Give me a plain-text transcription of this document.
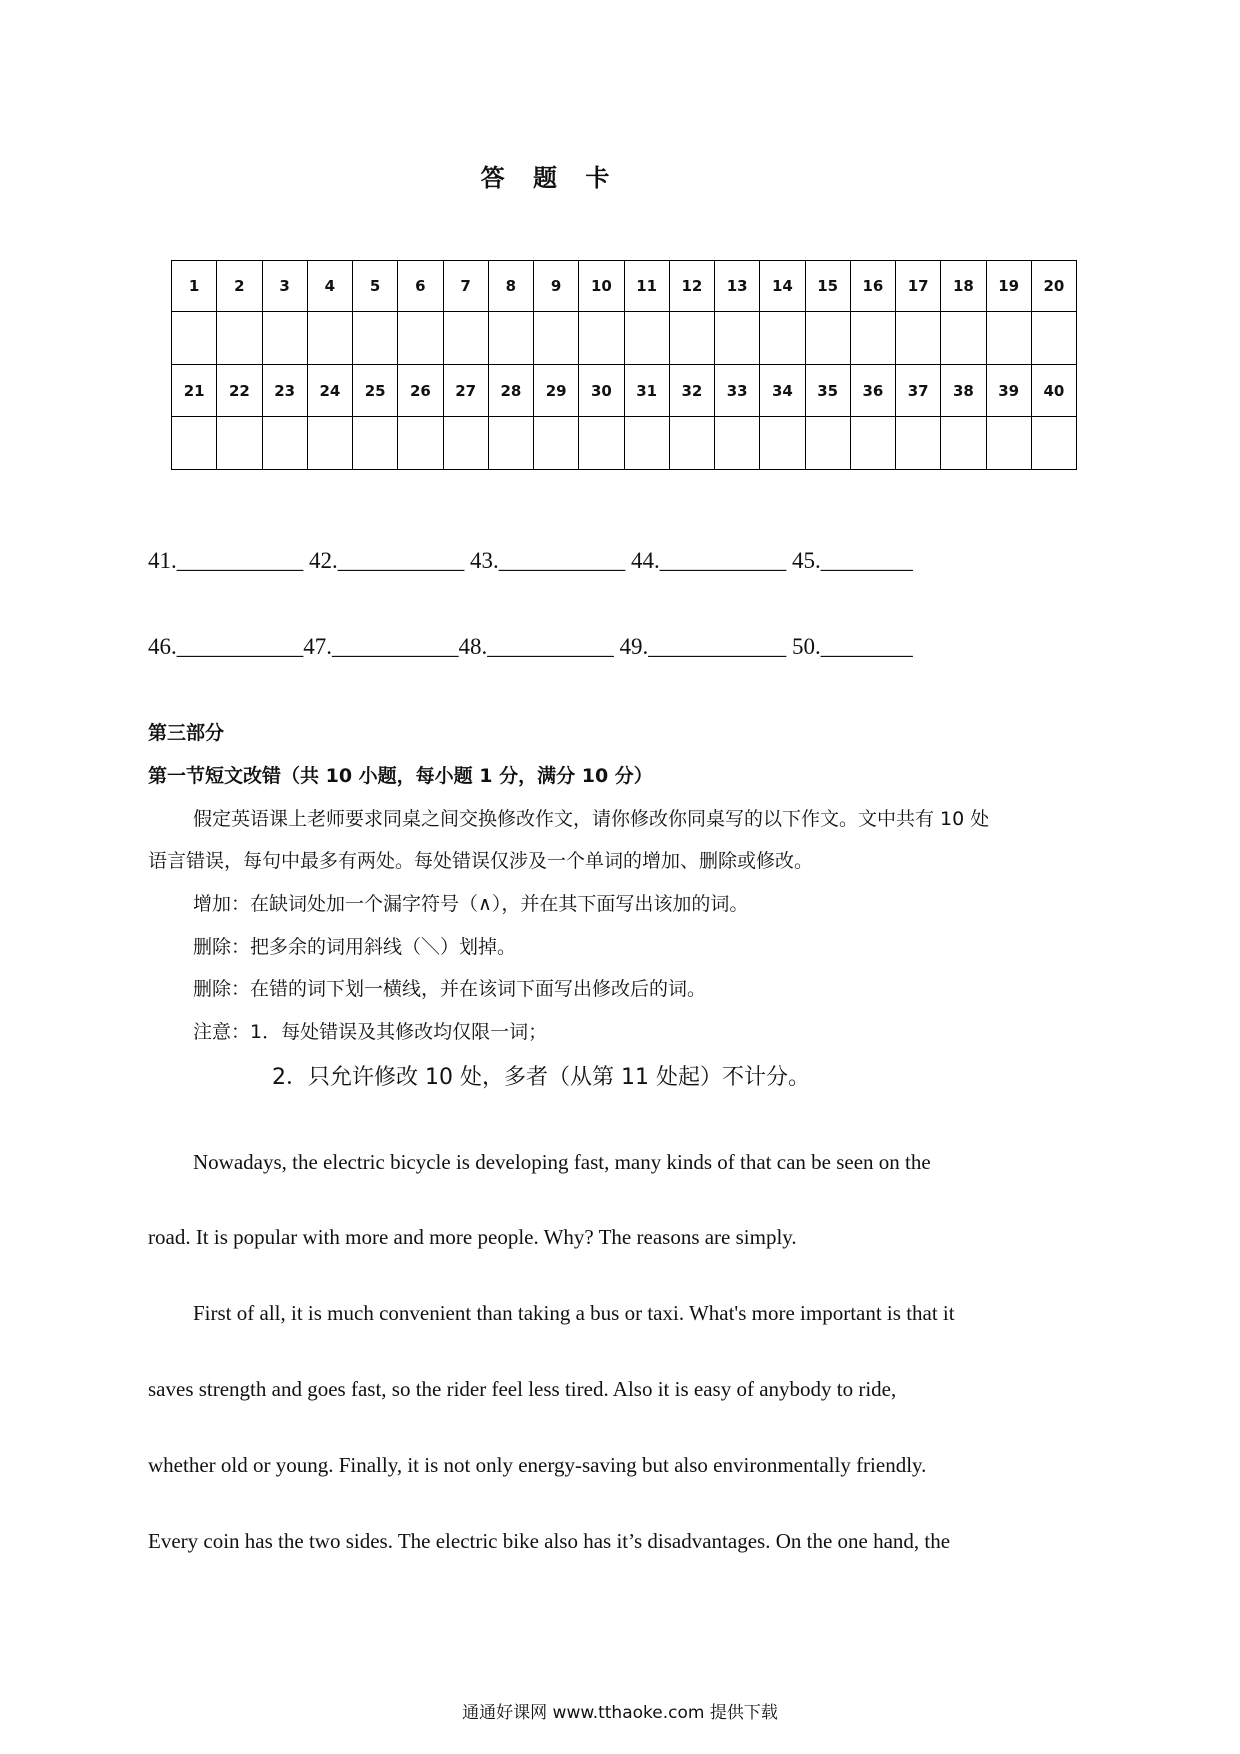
答 题 卡
1	2	3	4	5	6	7	8	9	10	11	12	13	14	15	16	17	18	19	20

21	22	23	24	25	26	27	28	29	30	31	32	33	34	35	36	37	38	39	40

41.___________ 42.___________ 43.___________ 44.___________ 45.________
46.___________47.___________48.___________ 49.____________ 50.________
第三部分
第一节短文改错（共 10 小题，每小题 1 分，满分 10 分）
假定英语课上老师要求同桌之间交换修改作文，请你修改你同桌写的以下作文。文中共有 10 处
语言错误，每句中最多有两处。每处错误仅涉及一个单词的增加、删除或修改。
增加：在缺词处加一个漏字符号（∧），并在其下面写出该加的词。
删除：把多余的词用斜线（＼）划掉。
删除：在错的词下划一横线，并在该词下面写出修改后的词。
注意：1．每处错误及其修改均仅限一词；
2．只允许修改 10 处，多者（从第 11 处起）不计分。
Nowadays, the electric bicycle is developing fast, many kinds of that can be seen on the
road. It is popular with more and more people. Why? The reasons are simply.
First of all, it is much convenient than taking a bus or taxi. What's more important is that it
saves strength and goes fast, so the rider feel less tired. Also it is easy of anybody to ride,
whether old or young. Finally, it is not only energy-saving but also environmentally friendly.
Every coin has the two sides. The electric bike also has it’s disadvantages. On the one hand, the
通通好课网 www.tthaoke.com 提供下载
